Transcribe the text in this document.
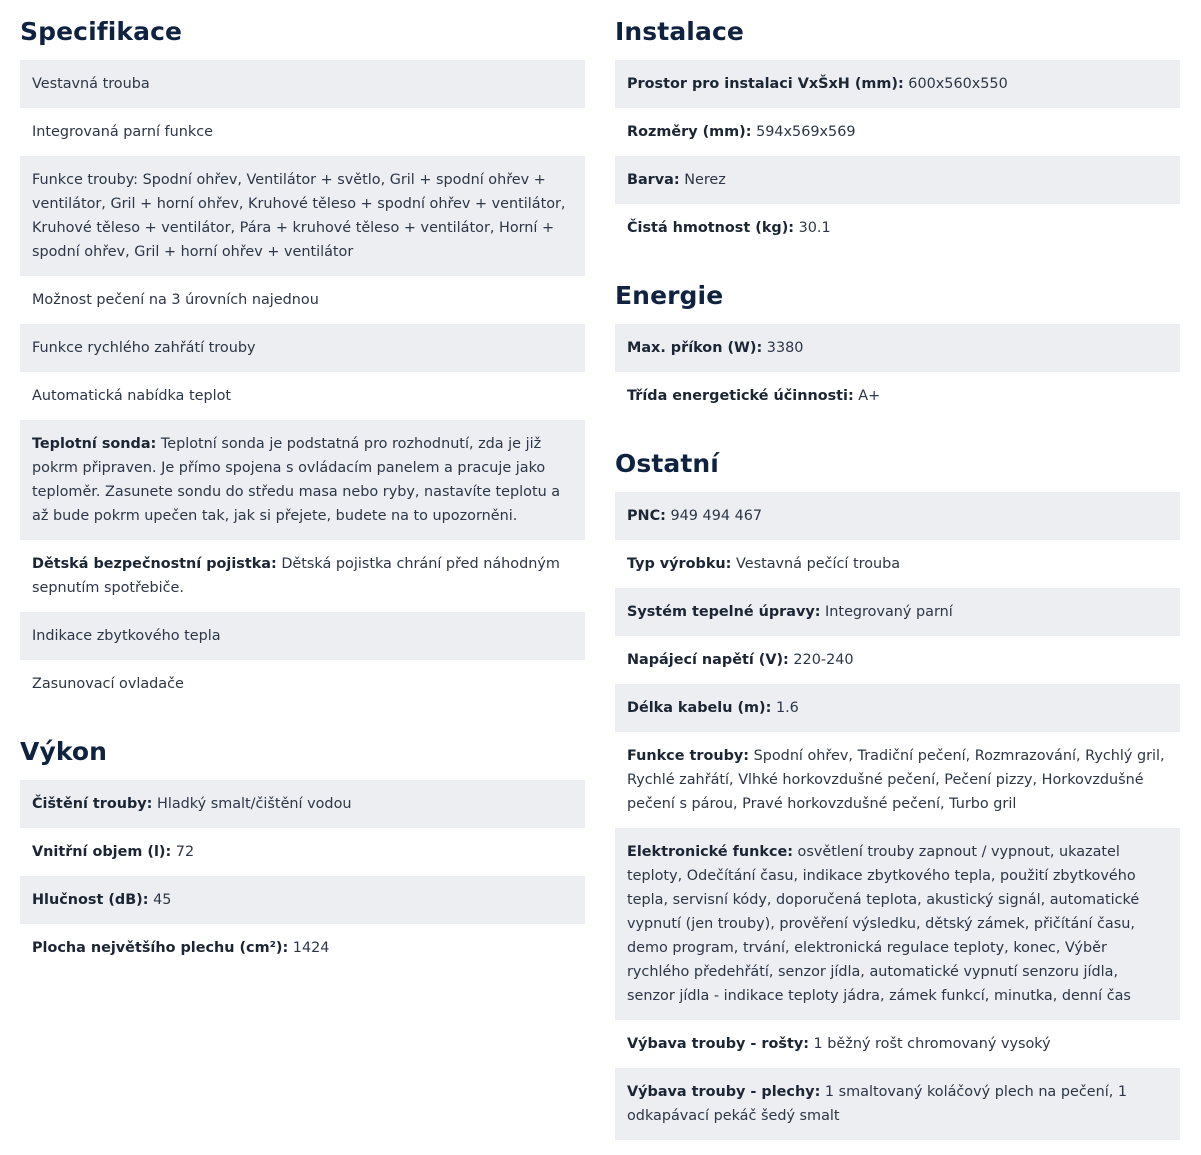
Specifikace
Vestavná trouba
Integrovaná parní funkce
Funkce trouby: Spodní ohřev, Ventilátor + světlo, Gril + spodní ohřev + ventilátor, Gril + horní ohřev, Kruhové těleso + spodní ohřev + ventilátor, Kruhové těleso + ventilátor, Pára + kruhové těleso + ventilátor, Horní + spodní ohřev, Gril + horní ohřev + ventilátor
Možnost pečení na 3 úrovních najednou
Funkce rychlého zahřátí trouby
Automatická nabídka teplot
Teplotní sonda: Teplotní sonda je podstatná pro rozhodnutí, zda je již pokrm připraven. Je přímo spojena s ovládacím panelem a pracuje jako teploměr. Zasunete sondu do středu masa nebo ryby, nastavíte teplotu a až bude pokrm upečen tak, jak si přejete, budete na to upozorněni.
Dětská bezpečnostní pojistka: Dětská pojistka chrání před náhodným sepnutím spotřebiče.
Indikace zbytkového tepla
Zasunovací ovladače
Výkon
Čištění trouby: Hladký smalt/čištění vodou
Vnitřní objem (l): 72
Hlučnost (dB): 45
Plocha největšího plechu (cm²): 1424
Instalace
Prostor pro instalaci VxŠxH (mm): 600x560x550
Rozměry (mm): 594x569x569
Barva: Nerez
Čistá hmotnost (kg): 30.1
Energie
Max. příkon (W): 3380
Třída energetické účinnosti: A+
Ostatní
PNC: 949 494 467
Typ výrobku: Vestavná pečící trouba
Systém tepelné úpravy: Integrovaný parní
Napájecí napětí (V): 220-240
Délka kabelu (m): 1.6
Funkce trouby: Spodní ohřev, Tradiční pečení, Rozmrazování, Rychlý gril, Rychlé zahřátí, Vlhké horkovzdušné pečení, Pečení pizzy, Horkovzdušné pečení s párou, Pravé horkovzdušné pečení, Turbo gril
Elektronické funkce: osvětlení trouby zapnout / vypnout, ukazatel teploty, Odečítání času, indikace zbytkového tepla, použití zbytkového tepla, servisní kódy, doporučená teplota, akustický signál, automatické vypnutí (jen trouby), prověření výsledku, dětský zámek, přičítání času, demo program, trvání, elektronická regulace teploty, konec, Výběr rychlého předehřátí, senzor jídla, automatické vypnutí senzoru jídla, senzor jídla - indikace teploty jádra, zámek funkcí, minutka, denní čas
Výbava trouby - rošty: 1 běžný rošt chromovaný vysoký
Výbava trouby - plechy: 1 smaltovaný koláčový plech na pečení, 1 odkapávací pekáč šedý smalt
